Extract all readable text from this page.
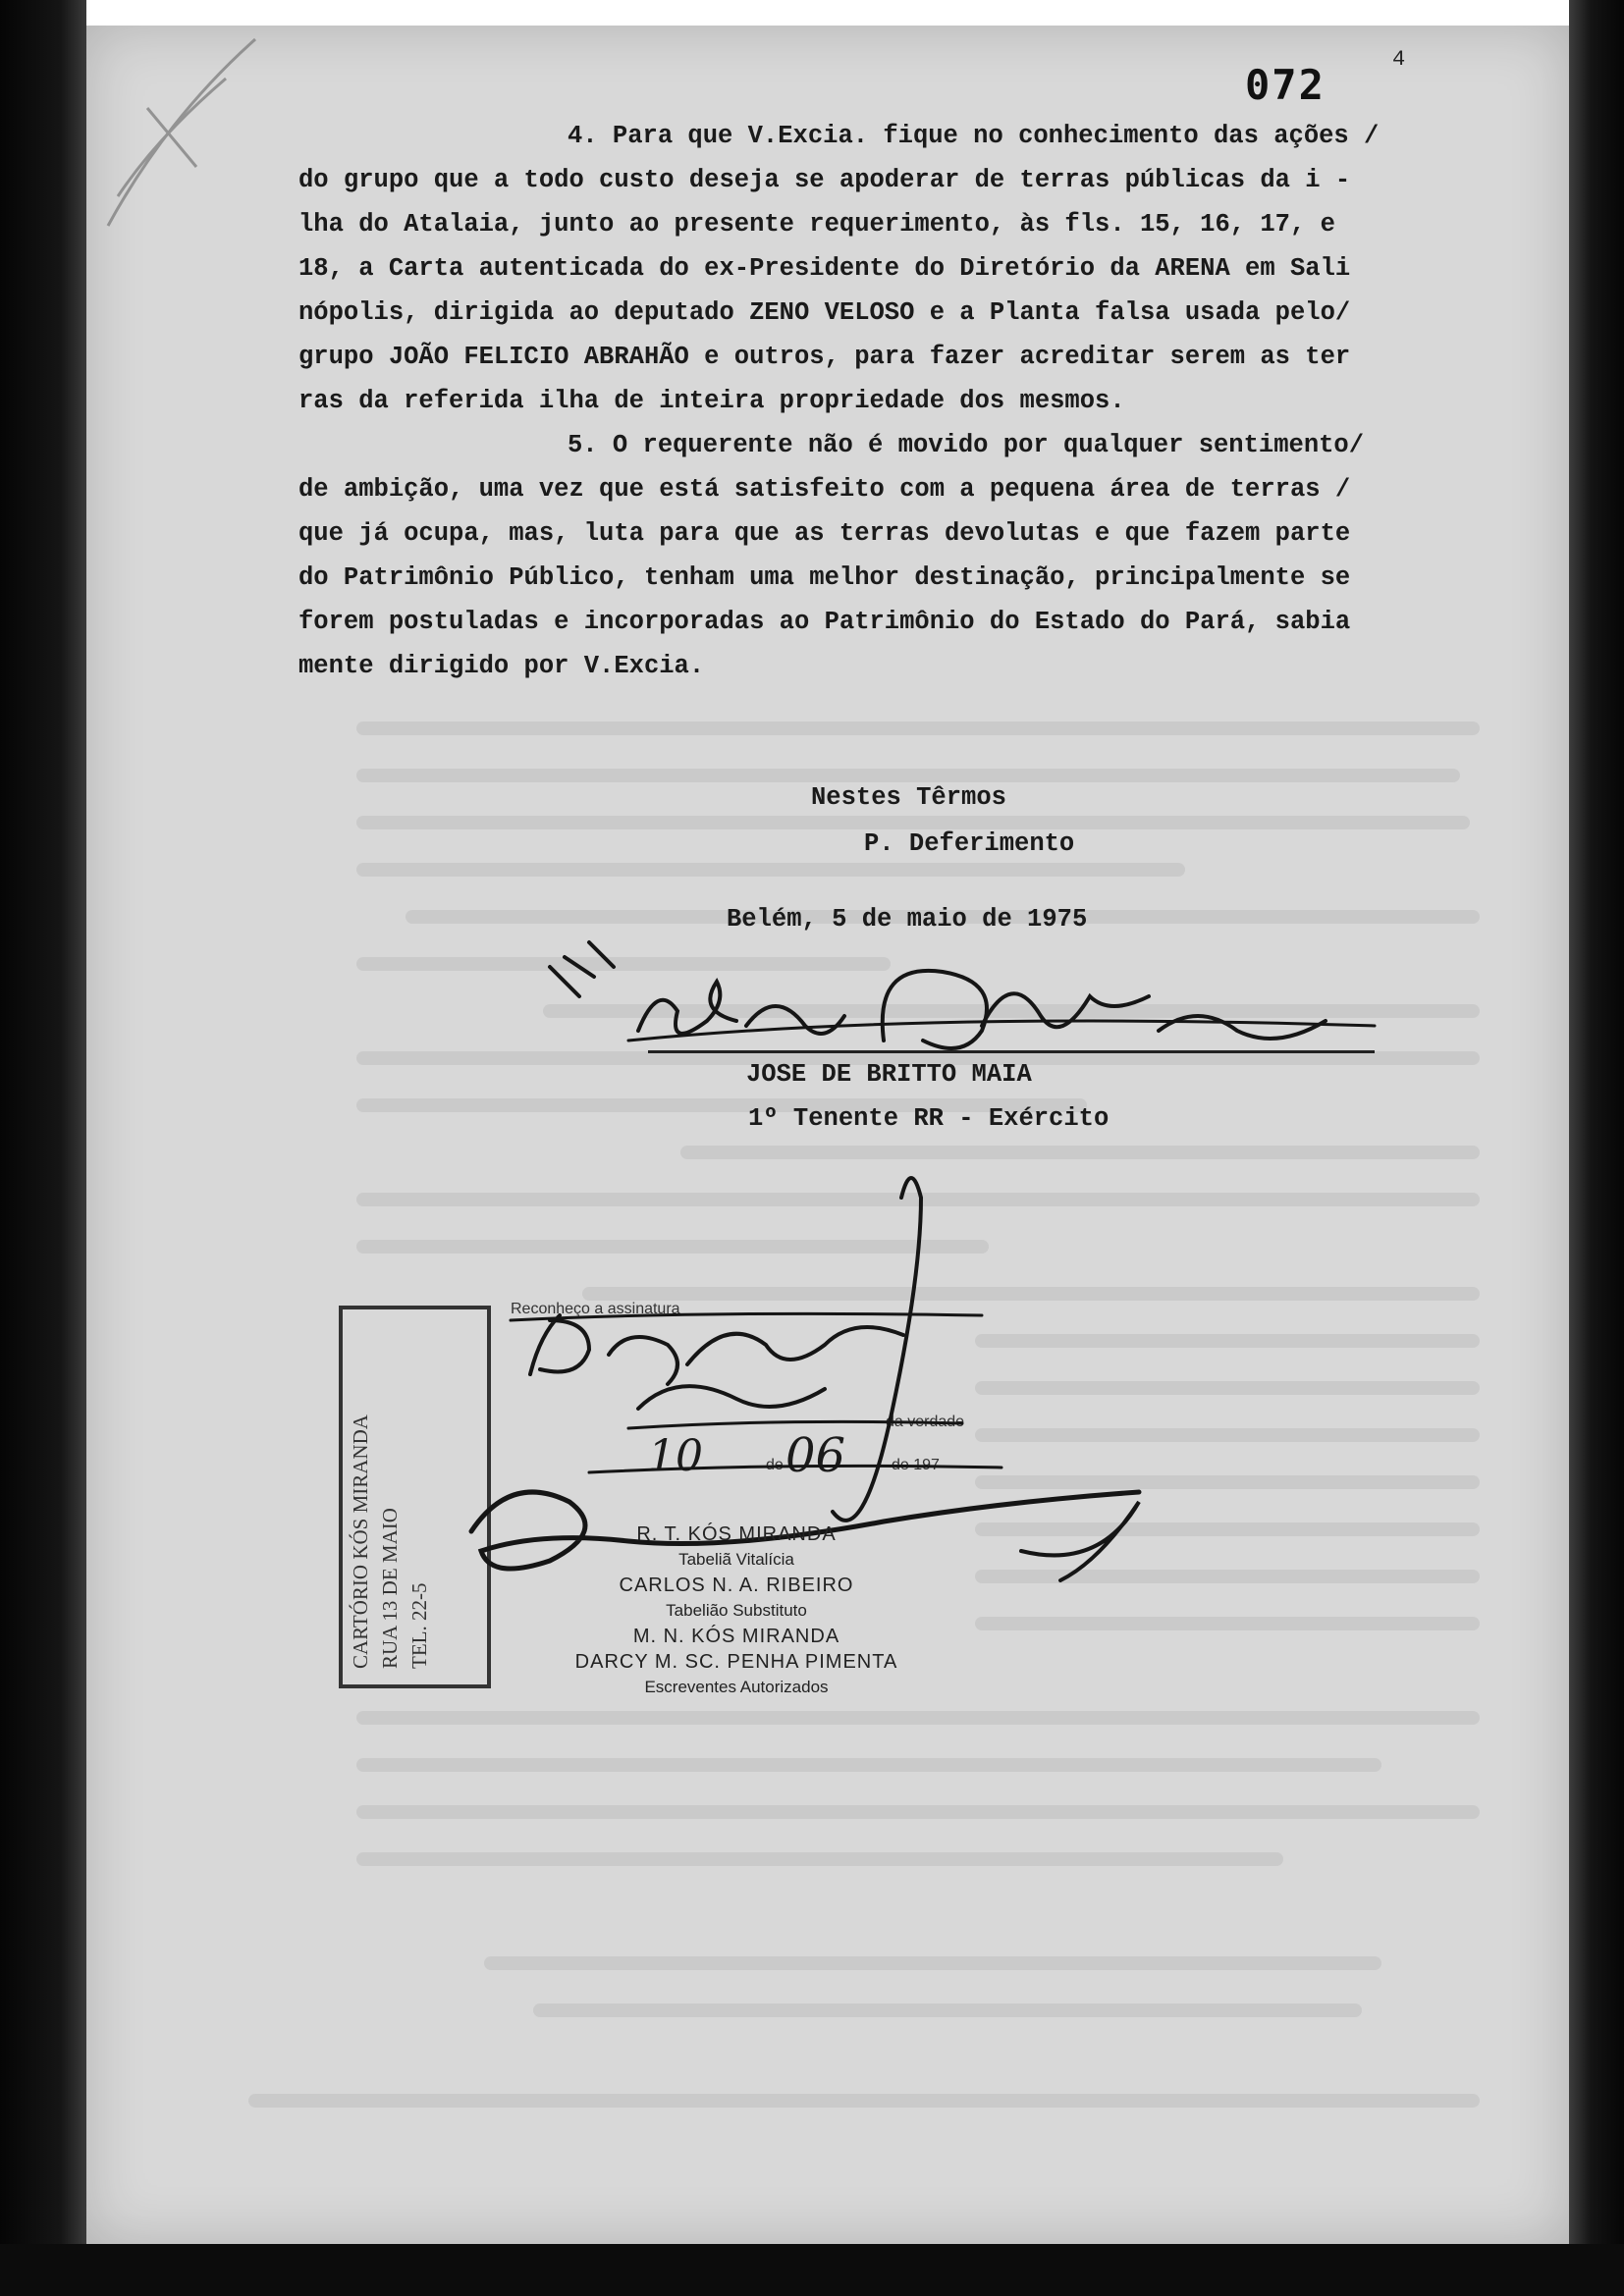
072
4
4. Para que V.Excia. fique no conhecimento das ações /
do grupo que a todo custo deseja se apoderar de terras públicas da i -
lha do Atalaia, junto ao presente requerimento, às fls. 15, 16, 17, e
18, a Carta autenticada do ex-Presidente do Diretório da ARENA em Sali
nópolis, dirigida ao deputado ZENO VELOSO e a Planta falsa usada pelo/
grupo JOÃO FELICIO ABRAHÃO e outros, para fazer acreditar serem as ter
ras da referida ilha de inteira propriedade dos mesmos.
5. O requerente não é movido por qualquer sentimento/
de ambição, uma vez que está satisfeito com a pequena área de terras /
que já ocupa, mas, luta para que as terras devolutas e que fazem parte
do Patrimônio Público, tenham uma melhor destinação, principalmente se
forem postuladas e incorporadas ao Patrimônio do Estado do Pará, sabia
mente dirigido por V.Excia.
Nestes Têrmos
P. Deferimento
Belém, 5 de maio de 1975
JOSE DE BRITTO MAIA
1º Tenente RR - Exército
CARTÓRIO KÓS MIRANDA RUA 13 DE MAIO TEL. 22-5
Reconheço a assinatura
da verdade
de	de 197
10 06
R. T. KÓS MIRANDA
Tabeliã Vitalícia
CARLOS N. A. RIBEIRO
Tabelião Substituto
M. N. KÓS MIRANDA
DARCY M. SC. PENHA PIMENTA
Escreventes Autorizados
